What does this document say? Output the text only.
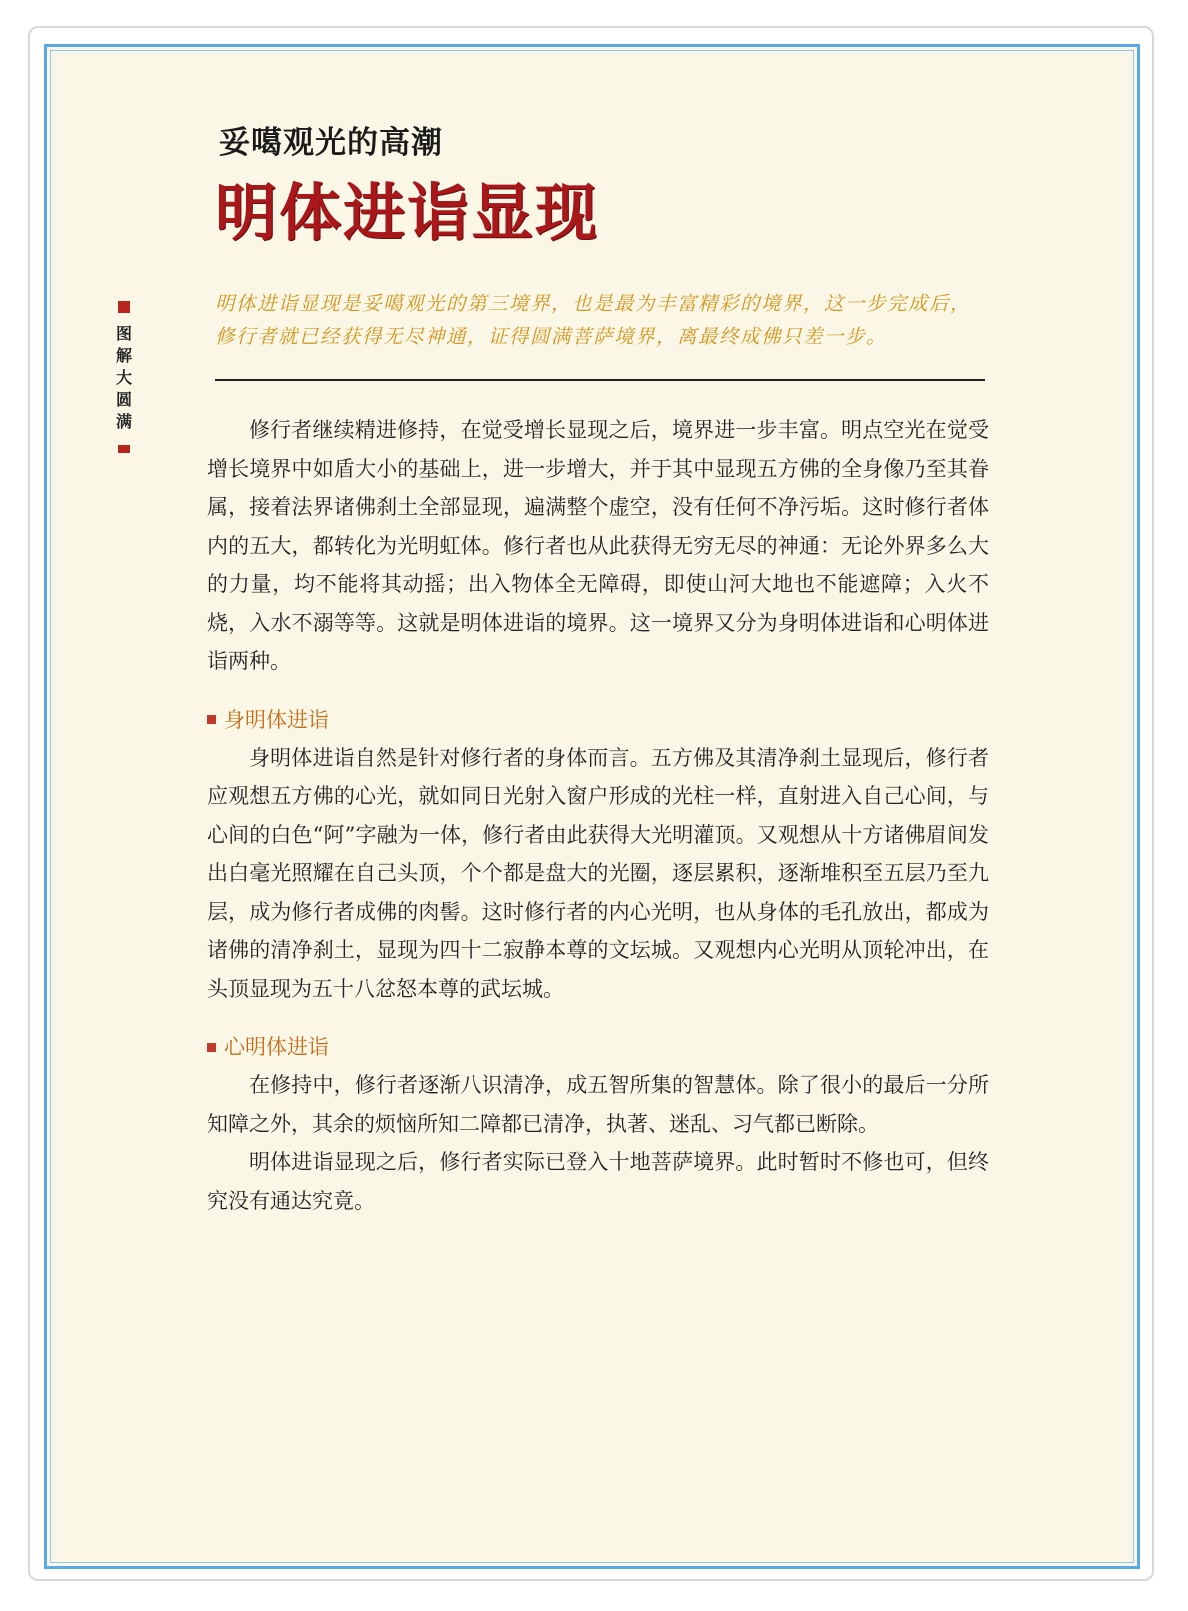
妥噶观光的高潮
明体进诣显现
图
解
大
圆
满
明体进诣显现是妥噶观光的第三境界，也是最为丰富精彩的境界，这一步完成后，修行者就已经获得无尽神通，证得圆满菩萨境界，离最终成佛只差一步。

修行者继续精进修持，在觉受增长显现之后，境界进一步丰富。明点空光在觉受增长境界中如盾大小的基础上，进一步增大，并于其中显现五方佛的全身像乃至其眷属，接着法界诸佛刹土全部显现，遍满整个虚空，没有任何不净污垢。这时修行者体内的五大，都转化为光明虹体。修行者也从此获得无穷无尽的神通：无论外界多么大的力量，均不能将其动摇；出入物体全无障碍，即使山河大地也不能遮障；入火不烧，入水不溺等等。这就是明体进诣的境界。这一境界又分为身明体进诣和心明体进诣两种。

身明体进诣

身明体进诣自然是针对修行者的身体而言。五方佛及其清净刹土显现后，修行者应观想五方佛的心光，就如同日光射入窗户形成的光柱一样，直射进入自己心间，与心间的白色“阿”字融为一体，修行者由此获得大光明灌顶。又观想从十方诸佛眉间发出白毫光照耀在自己头顶，个个都是盘大的光圈，逐层累积，逐渐堆积至五层乃至九层，成为修行者成佛的肉髻。这时修行者的内心光明，也从身体的毛孔放出，都成为诸佛的清净刹土，显现为四十二寂静本尊的文坛城。又观想内心光明从顶轮冲出，在头顶显现为五十八忿怒本尊的武坛城。

心明体进诣

在修持中，修行者逐渐八识清净，成五智所集的智慧体。除了很小的最后一分所知障之外，其余的烦恼所知二障都已清净，执著、迷乱、习气都已断除。

明体进诣显现之后，修行者实际已登入十地菩萨境界。此时暂时不修也可，但终究没有通达究竟。
